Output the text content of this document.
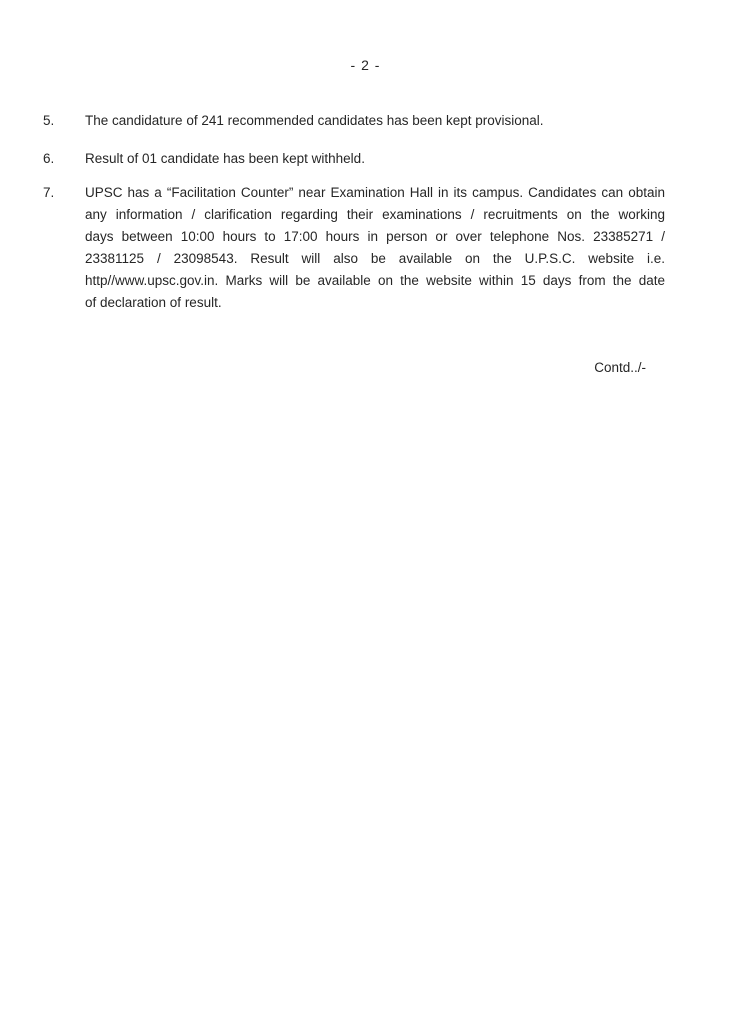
- 2 -
5.	The candidature of 241 recommended candidates has been kept provisional.
6.	Result of 01 candidate has been kept withheld.
7.	UPSC has a “Facilitation Counter” near Examination Hall in its campus. Candidates can obtain
any information / clarification regarding their examinations / recruitments on the working
days between 10:00 hours to 17:00 hours in person or over telephone Nos. 23385271 /
23381125 / 23098543. Result will also be available on the U.P.S.C. website i.e.
http//www.upsc.gov.in. Marks will be available on the website within 15 days from the date
of declaration of result.
Contd../-
